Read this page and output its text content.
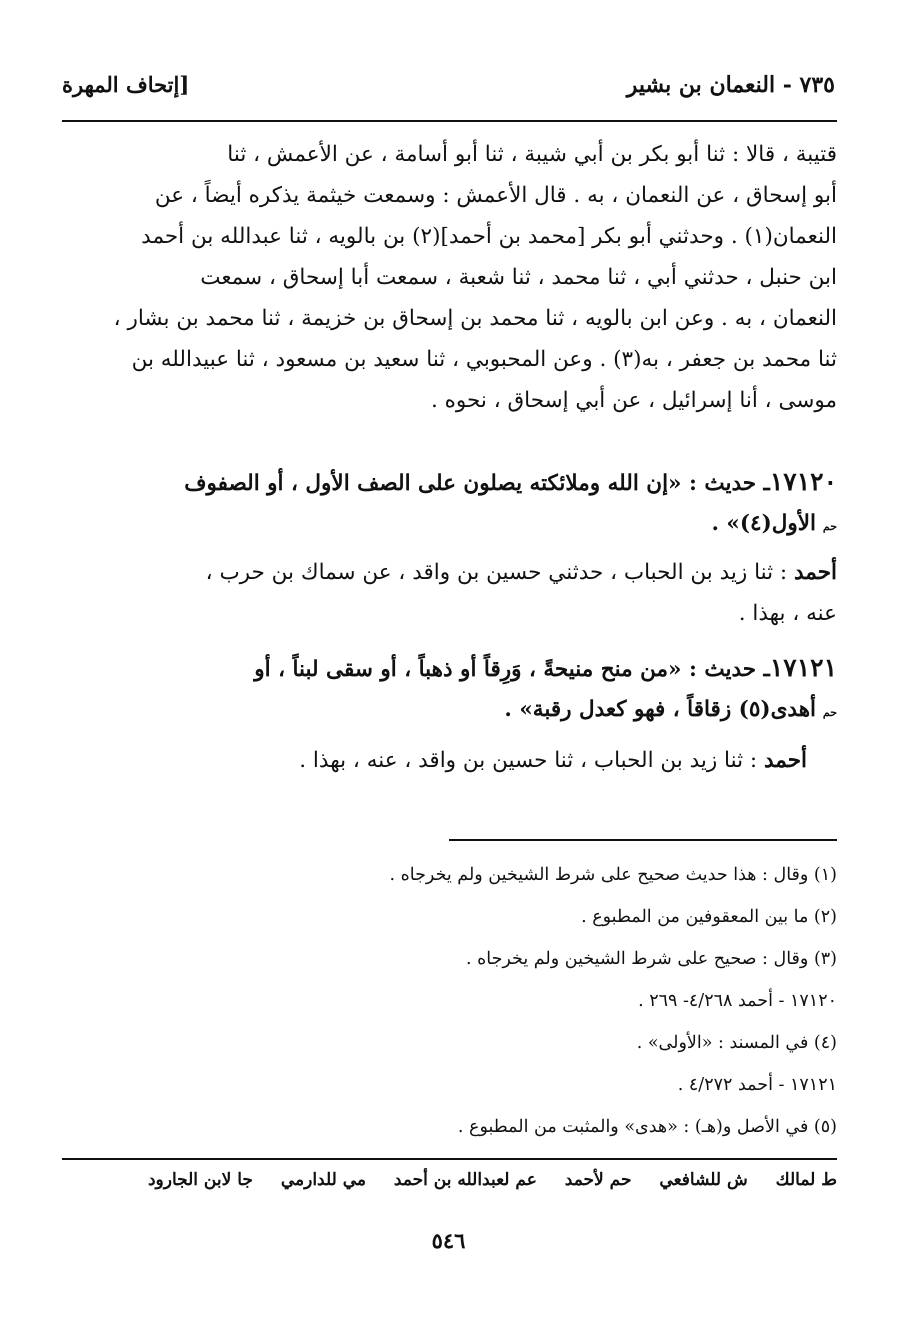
٧٣٥ - النعمان بن بشير
[إتحاف المهرة

قتيبة ، قالا : ثنا أبو بكر بن أبي شيبة ، ثنا أبو أسامة ، عن الأعمش ، ثنا

أبو إسحاق ، عن النعمان ، به . قال الأعمش : وسمعت خيثمة يذكره أيضاً ، عن

النعمان(١) . وحدثني أبو بكر [محمد بن أحمد](٢) بن بالويه ، ثنا عبدالله بن أحمد

ابن حنبل ، حدثني أبي ، ثنا محمد ، ثنا شعبة ، سمعت أبا إسحاق ، سمعت

النعمان ، به . وعن ابن بالويه ، ثنا محمد بن إسحاق بن خزيمة ، ثنا محمد بن بشار ،

ثنا محمد بن جعفر ، به(٣) . وعن المحبوبي ، ثنا سعيد بن مسعود ، ثنا عبيدالله بن

موسى ، أنا إسرائيل ، عن أبي إسحاق ، نحوه .

١٧١٢٠ـ حديث : «إن الله وملائكته يصلون على الصف الأول ، أو الصفوف
حم الأول(٤)» .
أحمد : ثنا زيد بن الحباب ، حدثني حسين بن واقد ، عن سماك بن حرب ،
عنه ، بهذا .
١٧١٢١ـ حديث : «من منح منيحةً ، وَرِقاً أو ذهباً ، أو سقى لبناً ، أو
حم أهدى(٥) زقاقاً ، فهو كعدل رقبة» .
أحمد : ثنا زيد بن الحباب ، ثنا حسين بن واقد ، عنه ، بهذا .
(١) وقال : هذا حديث صحيح على شرط الشيخين ولم يخرجاه .
(٢) ما بين المعقوفين من المطبوع .
(٣) وقال : صحيح على شرط الشيخين ولم يخرجاه .
١٧١٢٠ - أحمد ٤/٢٦٨- ٢٦٩ .
(٤) في المسند : «الأولى» .
١٧١٢١ - أحمد ٤/٢٧٢ .
(٥) في الأصل و(هـ) : «هدى» والمثبت من المطبوع .
ط لمالك ش للشافعي حم لأحمد عم لعبدالله بن أحمد مي للدارمي جا لابن الجارود
٥٤٦
